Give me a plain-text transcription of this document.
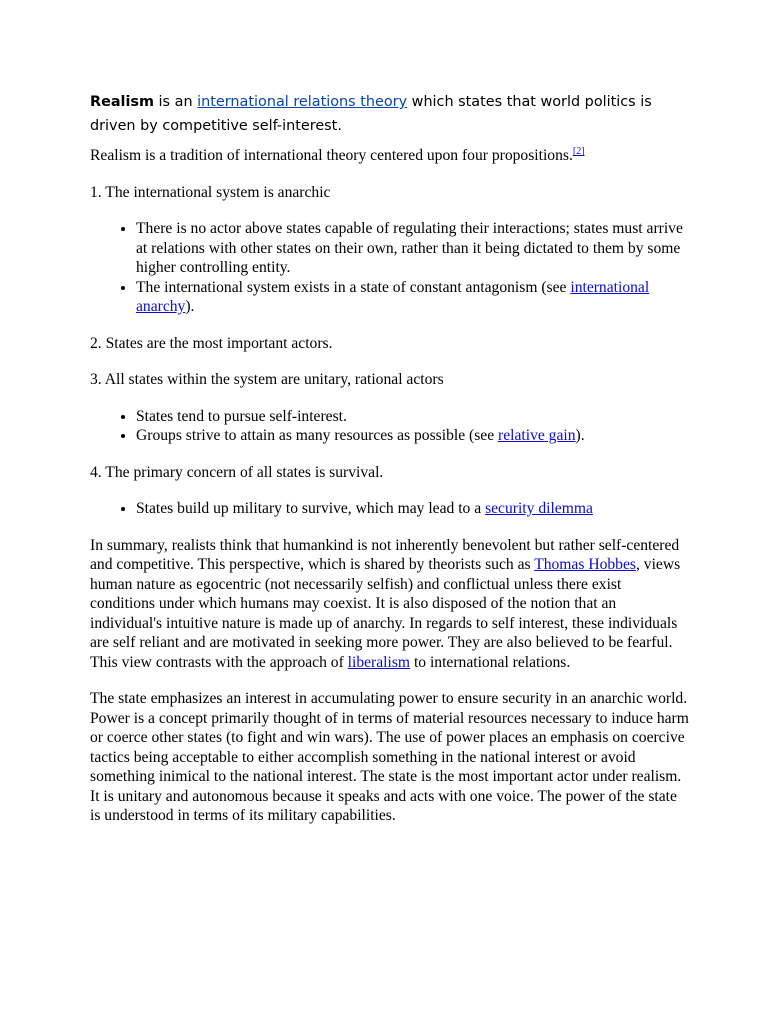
Realism is an international relations theory which states that world politics is driven by competitive self-interest.

Realism is a tradition of international theory centered upon four propositions.[2]

1. The international system is anarchic

• There is no actor above states capable of regulating their interactions; states must arrive at relations with other states on their own, rather than it being dictated to them by some higher controlling entity.
• The international system exists in a state of constant antagonism (see international anarchy).

2. States are the most important actors.

3. All states within the system are unitary, rational actors

• States tend to pursue self-interest.
• Groups strive to attain as many resources as possible (see relative gain).

4. The primary concern of all states is survival.

• States build up military to survive, which may lead to a security dilemma

In summary, realists think that humankind is not inherently benevolent but rather self-centered and competitive. This perspective, which is shared by theorists such as Thomas Hobbes, views human nature as egocentric (not necessarily selfish) and conflictual unless there exist conditions under which humans may coexist. It is also disposed of the notion that an individual's intuitive nature is made up of anarchy. In regards to self interest, these individuals are self reliant and are motivated in seeking more power. They are also believed to be fearful. This view contrasts with the approach of liberalism to international relations.

The state emphasizes an interest in accumulating power to ensure security in an anarchic world. Power is a concept primarily thought of in terms of material resources necessary to induce harm or coerce other states (to fight and win wars). The use of power places an emphasis on coercive tactics being acceptable to either accomplish something in the national interest or avoid something inimical to the national interest. The state is the most important actor under realism. It is unitary and autonomous because it speaks and acts with one voice. The power of the state is understood in terms of its military capabilities.
